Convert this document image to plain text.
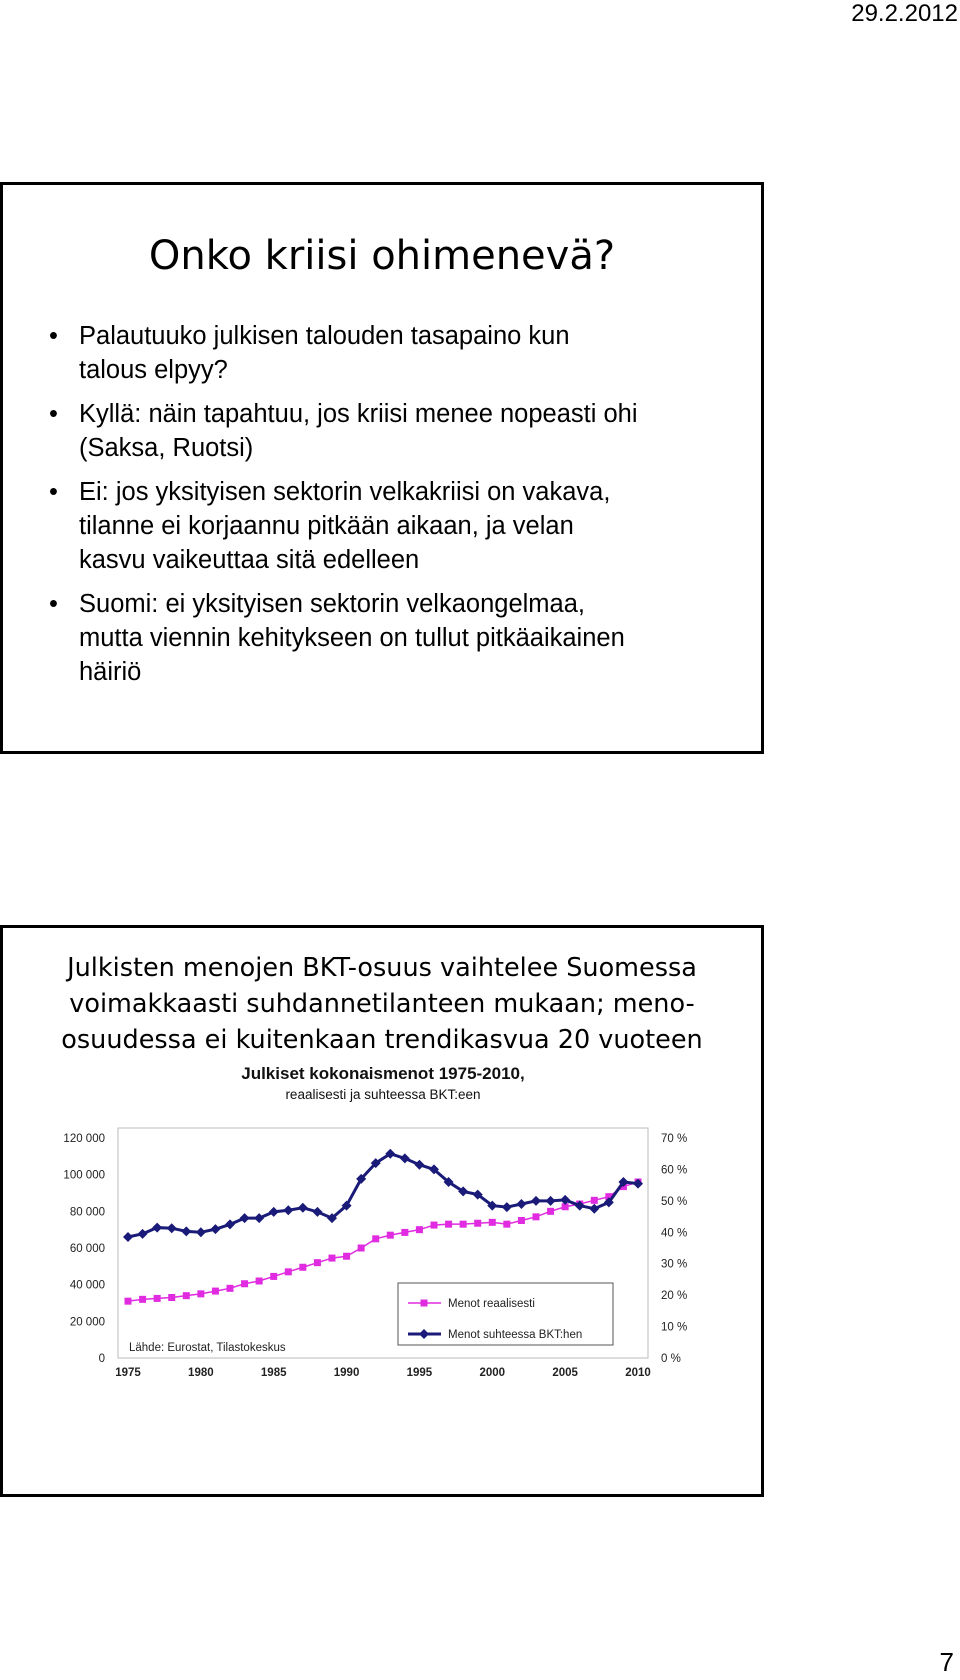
29.2.2012
Onko kriisi ohimenevä?
• Palautuuko julkisen talouden tasapaino kun
talous elpyy?
• Kyllä: näin tapahtuu, jos kriisi menee nopeasti ohi
(Saksa, Ruotsi)
• Ei: jos yksityisen sektorin velkakriisi on vakava,
tilanne ei korjaannu pitkään aikaan, ja velan
kasvu vaikeuttaa sitä edelleen
• Suomi: ei yksityisen sektorin velkaongelmaa,
mutta viennin kehitykseen on tullut pitkäaikainen
häiriö
Julkisten menojen BKT-osuus vaihtelee Suomessa
voimakkaasti suhdannetilanteen mukaan; meno-
osuudessa ei kuitenkaan trendikasvua 20 vuoteen
Julkiset kokonaismenot 1975-2010,
reaalisesti ja suhteessa BKT:een
0
20 000
40 000
60 000
80 000
100 000
120 000
0 %
10 %
20 %
30 %
40 %
50 %
60 %
70 %
1975	1980	1985	1990	1995	2000	2005	2010
Menot reaalisesti
Menot suhteessa BKT:hen
Lähde: Eurostat, Tilastokeskus
7
